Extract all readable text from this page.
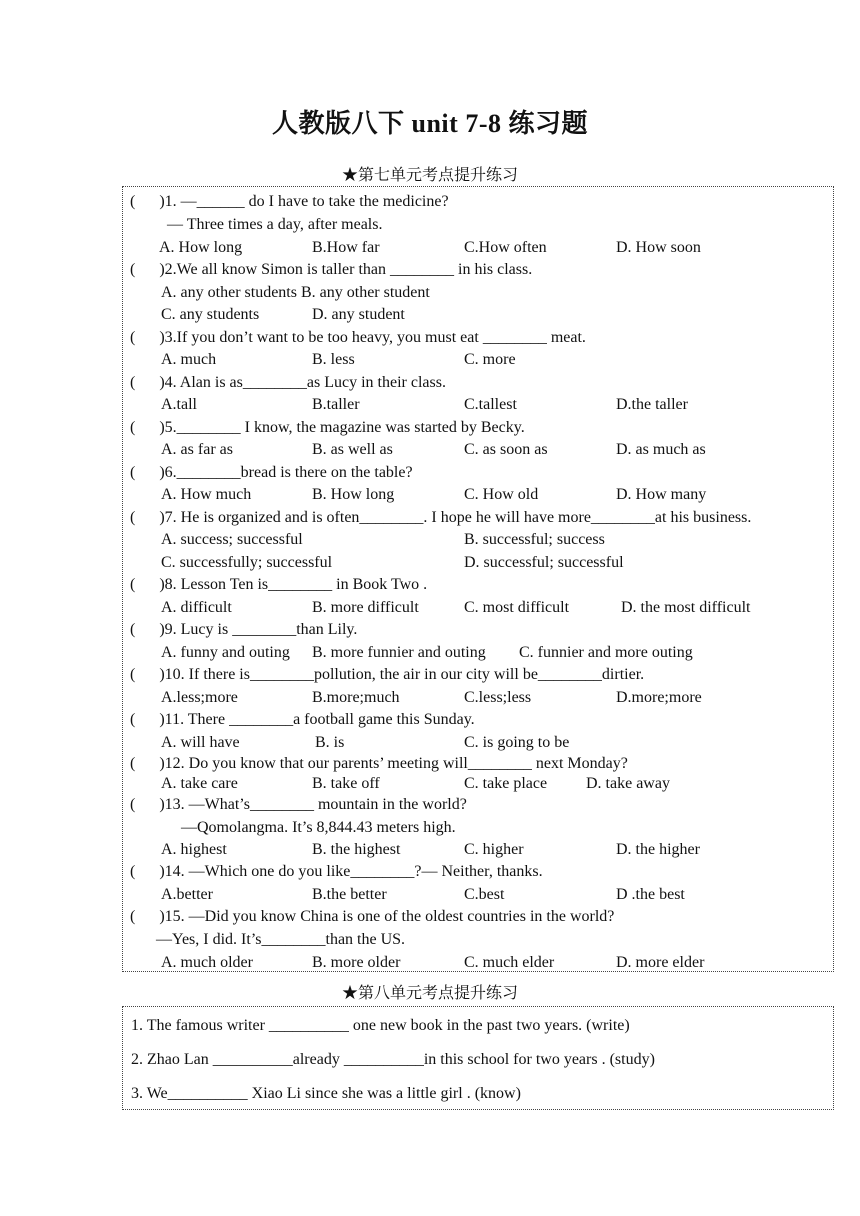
人教版八下 unit 7-8 练习题
★第七单元考点提升练习
(      )1. —______ do I have to take the medicine?
— Three times a day, after meals.
A. How long	B.How far	C.How often	D. How soon
(      )2.We all know Simon is taller than ________ in his class.
A. any other students B. any other student
C. any students	D. any student
(      )3.If you don’t want to be too heavy, you must eat ________ meat.
A. much	B. less	C. more
(      )4. Alan is as________as Lucy in their class.
A.tall	B.taller	C.tallest	D.the taller
(      )5.________ I know, the magazine was started by Becky.
A. as far as	B. as well as	C. as soon as	D. as much as
(      )6.________bread is there on the table?
A. How much	B. How long	C. How old	D. How many
(      )7. He is organized and is often________. I hope he will have more________at his business.
A. success; successful	B. successful; success
C. successfully; successful	D. successful; successful
(      )8. Lesson Ten is________ in Book Two .
A. difficult	B. more difficult	C. most difficult	D. the most difficult
(      )9. Lucy is ________than Lily.
A. funny and outing B. more funnier and outing C. funnier and more outing
(      )10. If there is________pollution, the air in our city will be________dirtier.
A.less;more	B.more;much	C.less;less	D.more;more
(      )11. There ________a football game this Sunday.
A. will have	B. is	C. is going to be
(      )12. Do you know that our parents’ meeting will________ next Monday?
A. take care	B. take off	C. take place D. take away
(      )13. —What’s________ mountain in the world?
—Qomolangma. It’s 8,844.43 meters high.
A. highest	B. the highest	C. higher	D. the higher
(      )14. —Which one do you like________?— Neither, thanks.
A.better	B.the better	C.best	D .the best
(      )15. —Did you know China is one of the oldest countries in the world?
—Yes, I did. It’s________than the US.
A. much older	B. more older	C. much elder	D. more elder
★第八单元考点提升练习
1. The famous writer __________ one new book in the past two years. (write)
2. Zhao Lan __________already __________in this school for two years . (study)
3. We__________ Xiao Li since she was a little girl . (know)
